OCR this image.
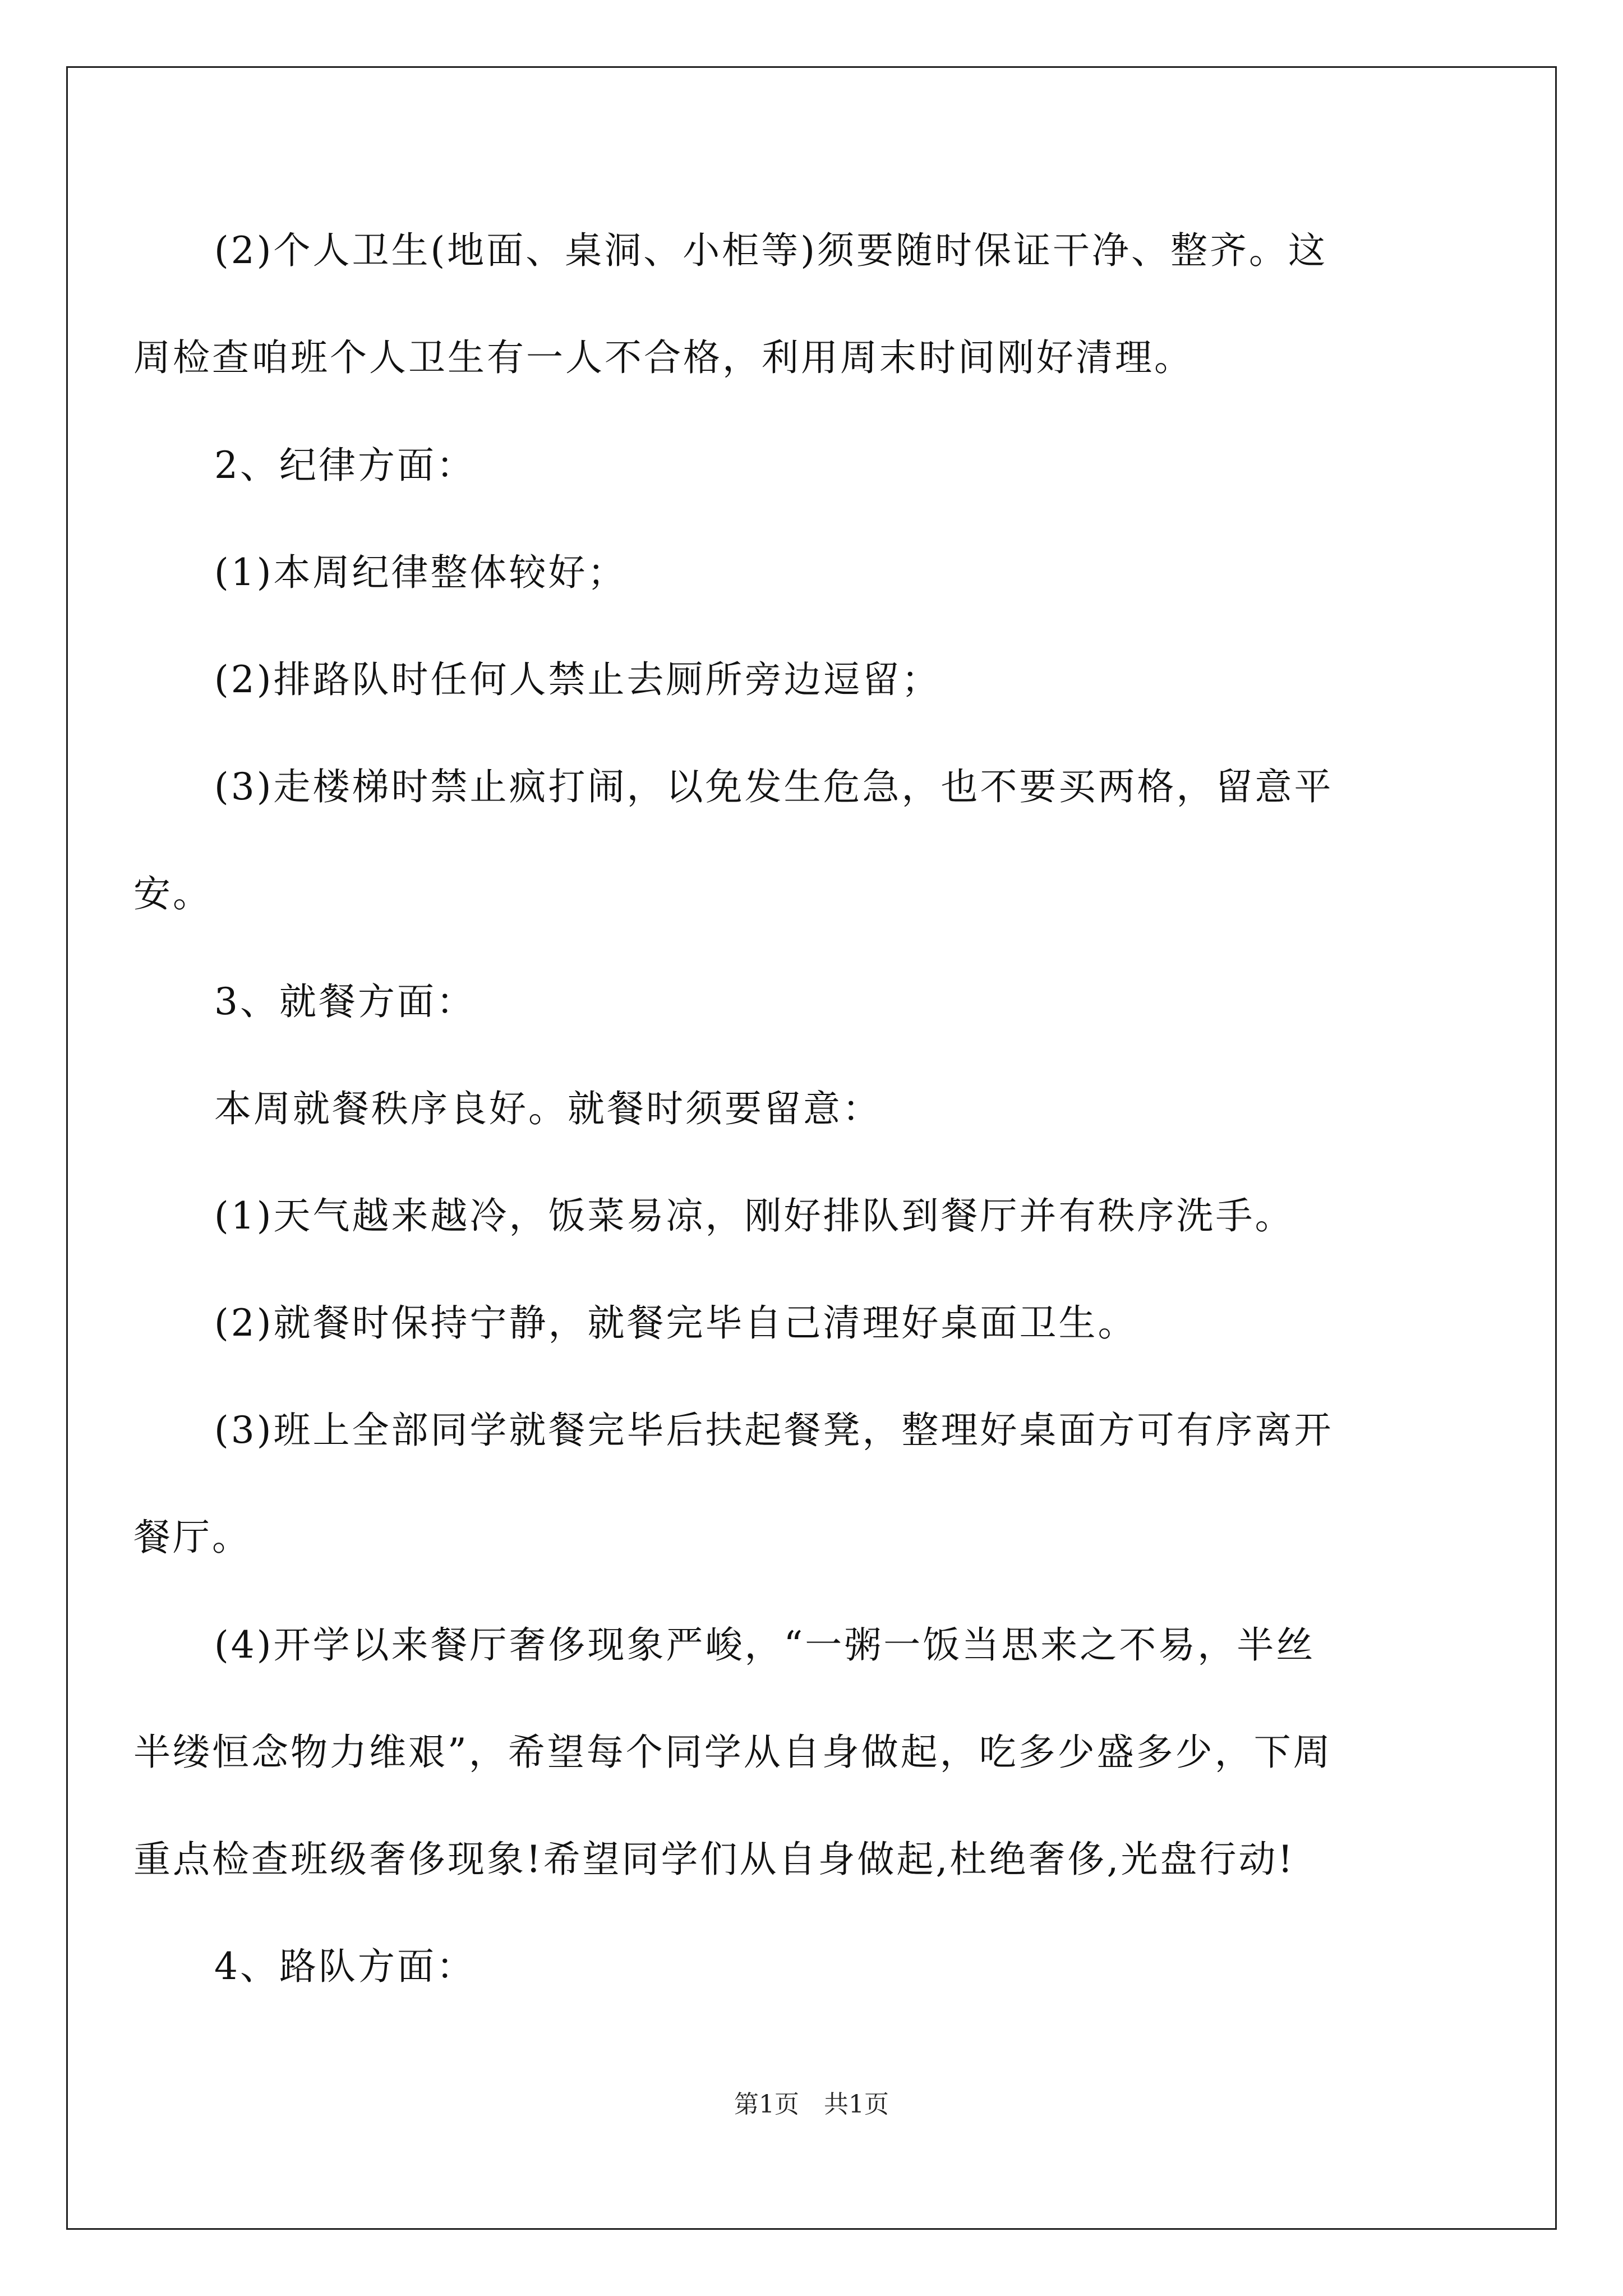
(2)个人卫生(地面、桌洞、小柜等)须要随时保证干净、整齐。这
周检查咱班个人卫生有一人不合格，利用周末时间刚好清理。
2、纪律方面：
(1)本周纪律整体较好；
(2)排路队时任何人禁止去厕所旁边逗留；
(3)走楼梯时禁止疯打闹，以免发生危急，也不要买两格，留意平
安。
3、就餐方面：
本周就餐秩序良好。就餐时须要留意：
(1)天气越来越冷，饭菜易凉，刚好排队到餐厅并有秩序洗手。
(2)就餐时保持宁静，就餐完毕自己清理好桌面卫生。
(3)班上全部同学就餐完毕后扶起餐凳，整理好桌面方可有序离开
餐厅。
(4)开学以来餐厅奢侈现象严峻，“一粥一饭当思来之不易，半丝
半缕恒念物力维艰”，希望每个同学从自身做起，吃多少盛多少，下周
重点检查班级奢侈现象!希望同学们从自身做起,杜绝奢侈,光盘行动!
4、路队方面：
第1页　共1页
